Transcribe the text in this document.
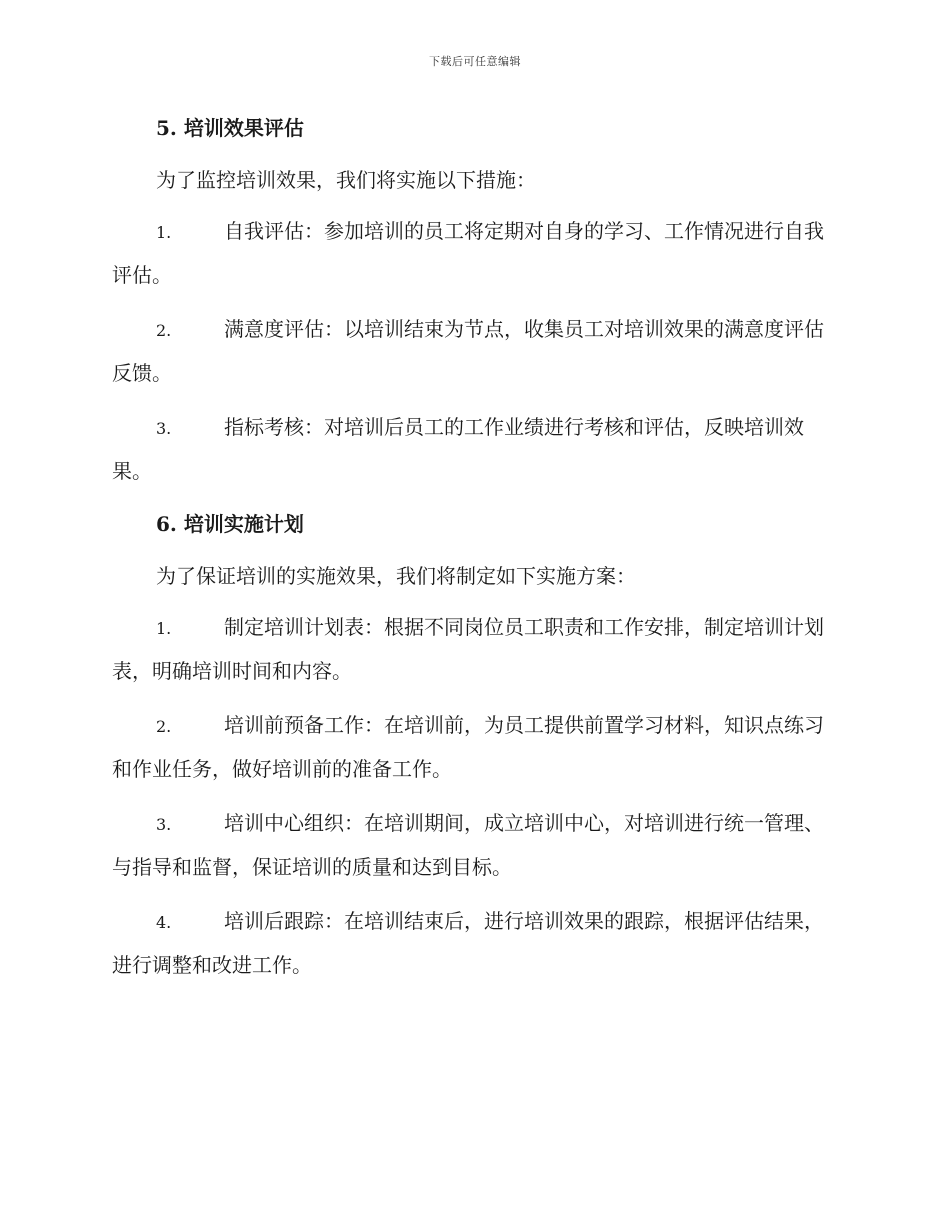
下载后可任意编辑
5. 培训效果评估

为了监控培训效果，我们将实施以下措施：

1.	自我评估：参加培训的员工将定期对自身的学习、工作情况进行自我评估。

2.	满意度评估：以培训结束为节点，收集员工对培训效果的满意度评估反馈。

3.	指标考核：对培训后员工的工作业绩进行考核和评估，反映培训效果。

6. 培训实施计划

为了保证培训的实施效果，我们将制定如下实施方案：

1.	制定培训计划表：根据不同岗位员工职责和工作安排，制定培训计划表，明确培训时间和内容。

2.	培训前预备工作：在培训前，为员工提供前置学习材料，知识点练习和作业任务，做好培训前的准备工作。

3.	培训中心组织：在培训期间，成立培训中心，对培训进行统一管理、与指导和监督，保证培训的质量和达到目标。

4.	培训后跟踪：在培训结束后，进行培训效果的跟踪，根据评估结果，进行调整和改进工作。
